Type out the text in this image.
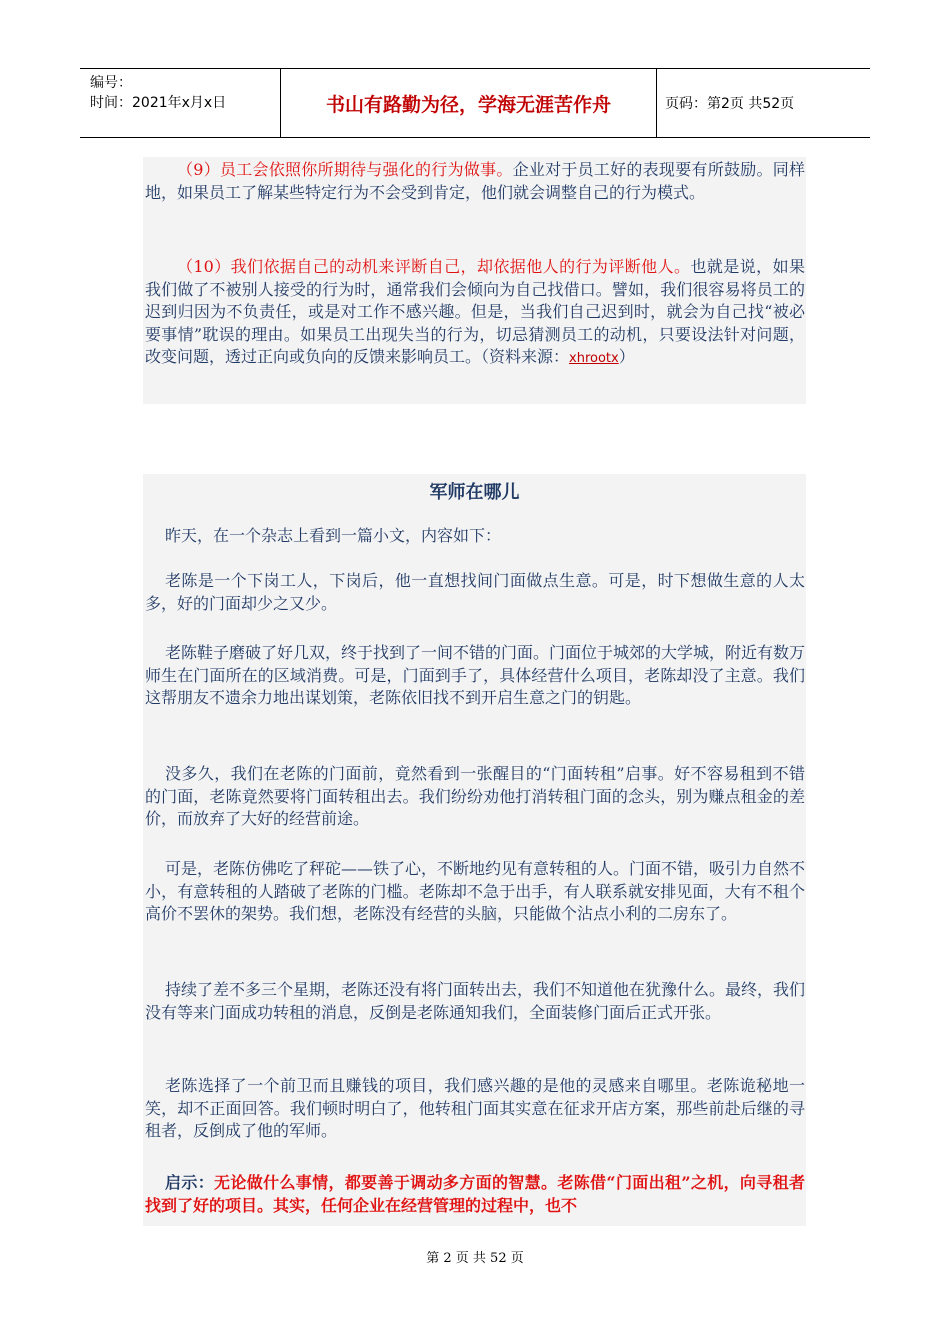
编号：
时间：2021年x月x日	书山有路勤为径，学海无涯苦作舟	页码：第2页 共52页

（9）员工会依照你所期待与强化的行为做事。企业对于员工好的表现要有所鼓励。同样地，如果员工了解某些特定行为不会受到肯定，他们就会调整自己的行为模式。

（10）我们依据自己的动机来评断自己，却依据他人的行为评断他人。也就是说，如果我们做了不被别人接受的行为时，通常我们会倾向为自己找借口。譬如，我们很容易将员工的迟到归因为不负责任，或是对工作不感兴趣。但是，当我们自己迟到时，就会为自己找“被必要事情”耽误的理由。如果员工出现失当的行为，切忌猜测员工的动机，只要设法针对问题，改变问题，透过正向或负向的反馈来影响员工。（资料来源：xhrootx）

军师在哪儿

昨天，在一个杂志上看到一篇小文，内容如下：

老陈是一个下岗工人，下岗后，他一直想找间门面做点生意。可是，时下想做生意的人太多，好的门面却少之又少。

老陈鞋子磨破了好几双，终于找到了一间不错的门面。门面位于城郊的大学城，附近有数万师生在门面所在的区域消费。可是，门面到手了，具体经营什么项目，老陈却没了主意。我们这帮朋友不遗余力地出谋划策，老陈依旧找不到开启生意之门的钥匙。

没多久，我们在老陈的门面前，竟然看到一张醒目的“门面转租”启事。好不容易租到不错的门面，老陈竟然要将门面转租出去。我们纷纷劝他打消转租门面的念头，别为赚点租金的差价，而放弃了大好的经营前途。

可是，老陈仿佛吃了秤砣——铁了心，不断地约见有意转租的人。门面不错，吸引力自然不小，有意转租的人踏破了老陈的门槛。老陈却不急于出手，有人联系就安排见面，大有不租个高价不罢休的架势。我们想，老陈没有经营的头脑，只能做个沾点小利的二房东了。

持续了差不多三个星期，老陈还没有将门面转出去，我们不知道他在犹豫什么。最终，我们没有等来门面成功转租的消息，反倒是老陈通知我们，全面装修门面后正式开张。

老陈选择了一个前卫而且赚钱的项目，我们感兴趣的是他的灵感来自哪里。老陈诡秘地一笑，却不正面回答。我们顿时明白了，他转租门面其实意在征求开店方案，那些前赴后继的寻租者，反倒成了他的军师。

启示：无论做什么事情，都要善于调动多方面的智慧。老陈借“门面出租”之机，向寻租者找到了好的项目。其实，任何企业在经营管理的过程中，也不

第 2 页 共 52 页
